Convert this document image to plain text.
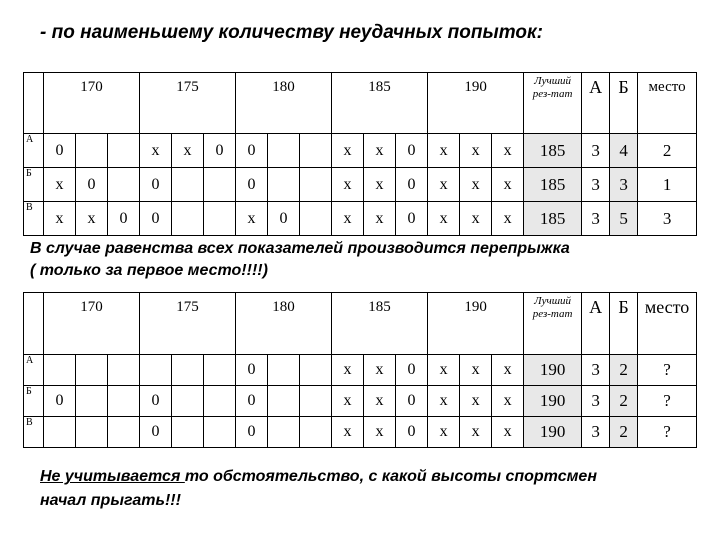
- по наименьшему количеству неудачных попыток:
	170			175			180			185			190			Лучший
рез-тат	А	Б	место
А	0			х	х	0	0			х	х	0	х	х	х	185	3	4	2
Б	х	0		0			0			х	х	0	х	х	х	185	3	3	1
В	х	х	0	0			х	0		х	х	0	х	х	х	185	3	5	3
В случае равенства всех показателей производится перепрыжка
( только за первое место!!!!)
	170			175			180			185			190			Лучший
рез-тат	А	Б	место
А							0			х	х	0	х	х	х	190	3	2	?
Б	0			0			0			х	х	0	х	х	х	190	3	2	?
В				0			0			х	х	0	х	х	х	190	3	2	?
Не учитывается то обстоятельство, с какой высоты спортсмен
начал прыгать!!!
